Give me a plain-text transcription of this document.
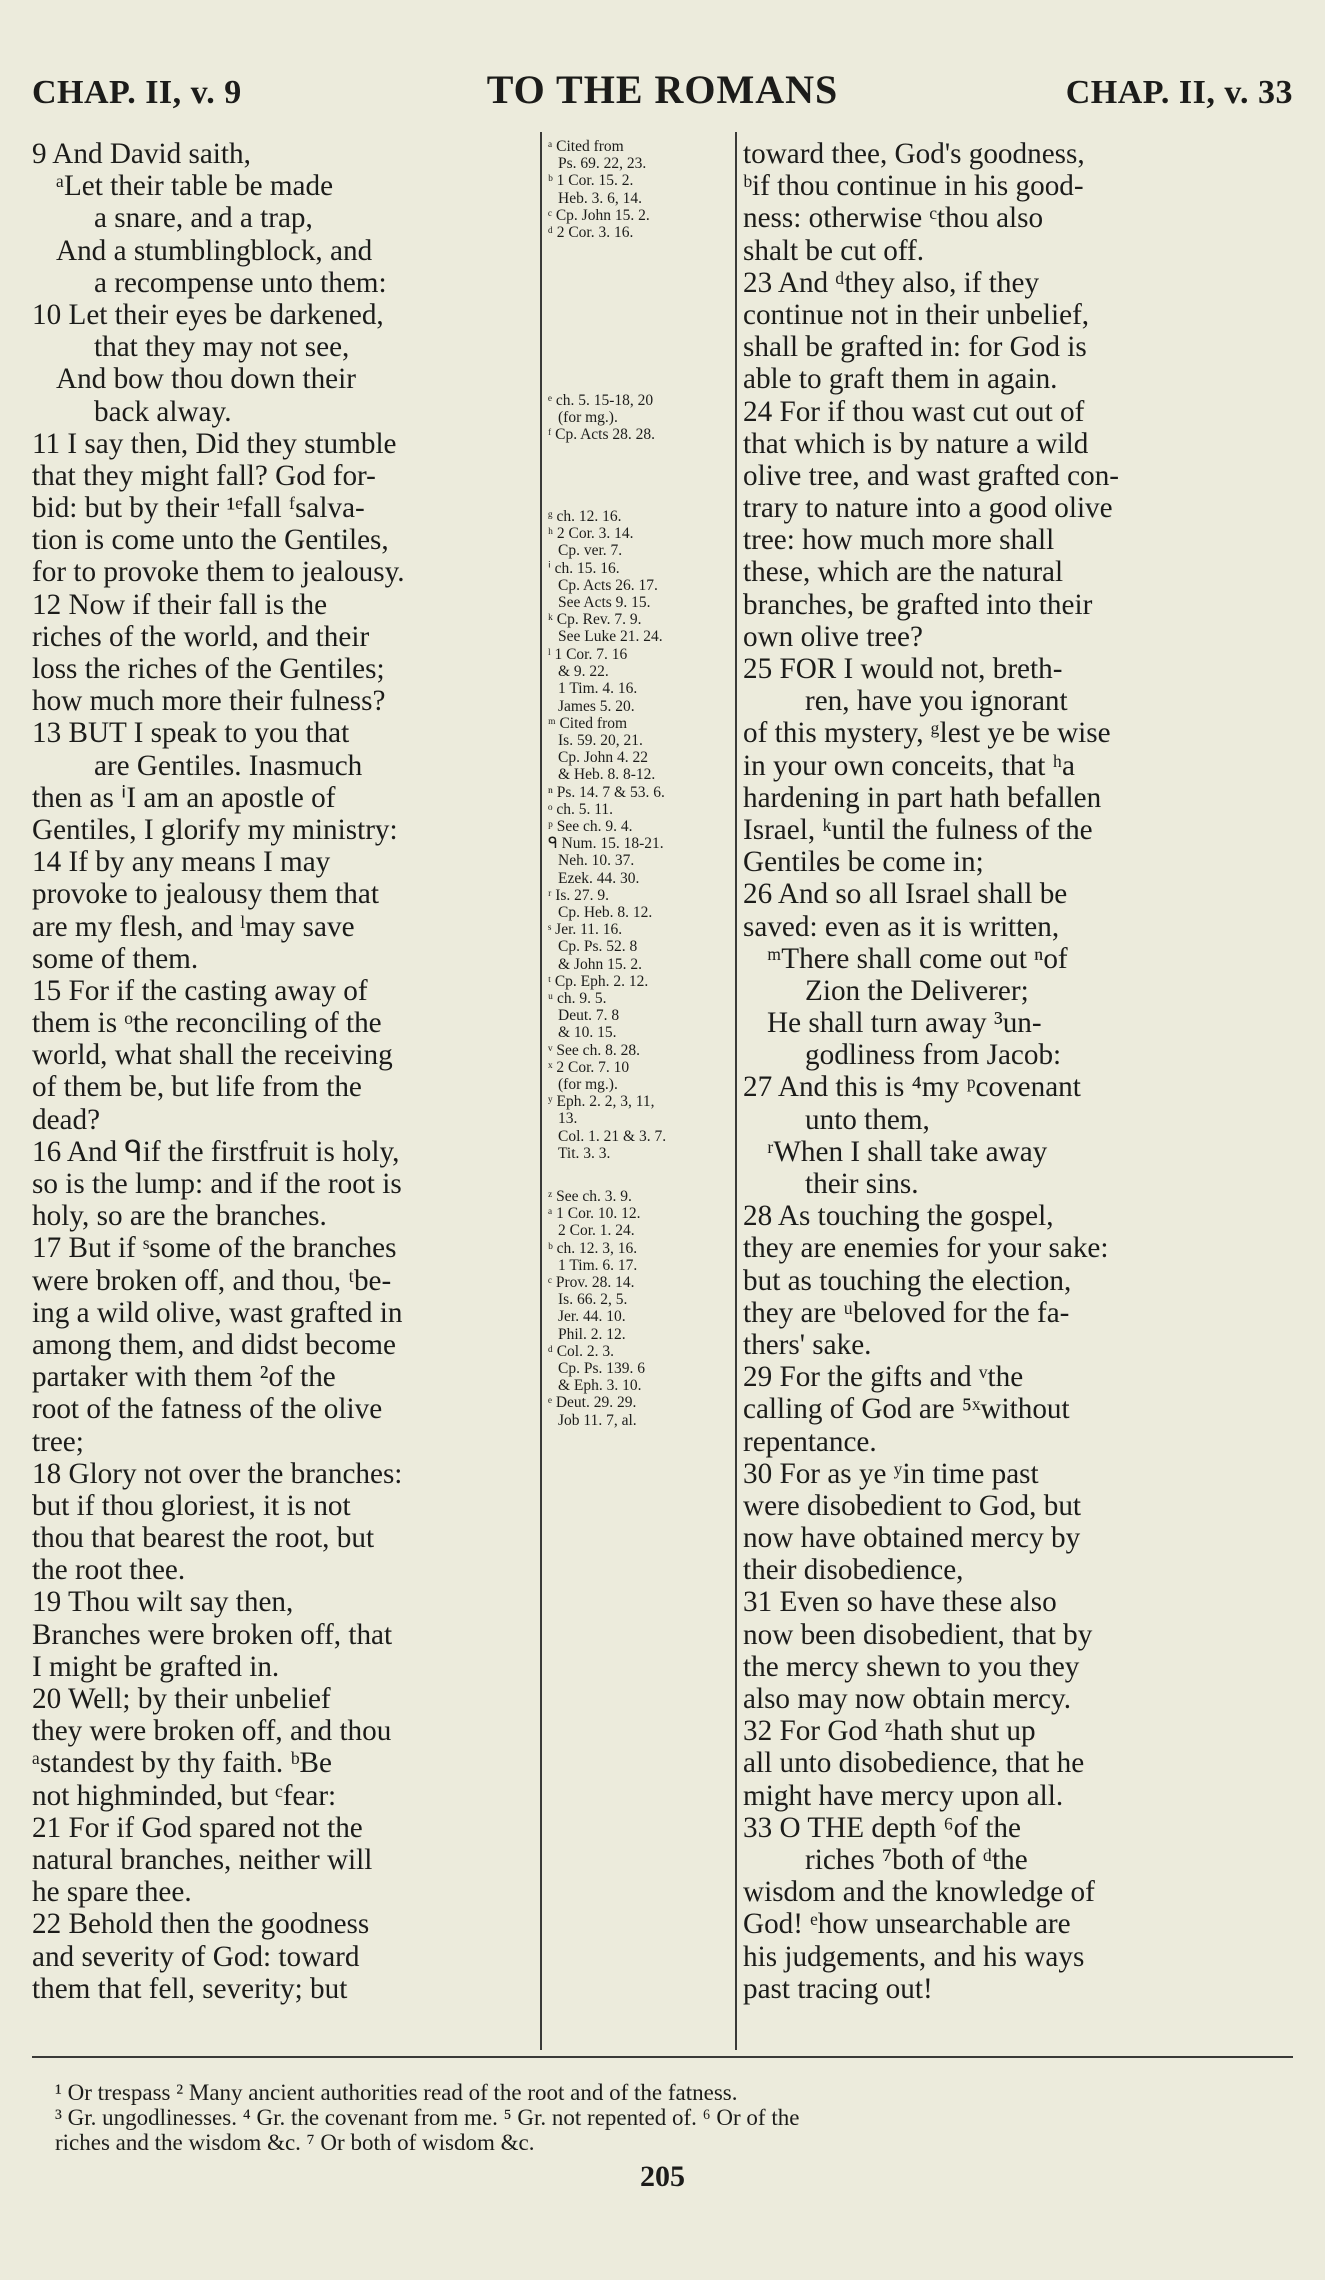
CHAP. II, v. 9	TO THE ROMANS	CHAP. II, v. 33
9 And David saith,
ᵃLet their table be made
a snare, and a trap,
And a stumblingblock, and
a recompense unto them:
10 Let their eyes be darkened,
that they may not see,
And bow thou down their
back alway.
11 I say then, Did they stumble
that they might fall? God for-
bid: but by their ¹ᵉfall ᶠsalva-
tion is come unto the Gentiles,
for to provoke them to jealousy.
12 Now if their fall is the
riches of the world, and their
loss the riches of the Gentiles;
how much more their fulness?
13 BUT I speak to you that
are Gentiles. Inasmuch
then as ⁱI am an apostle of
Gentiles, I glorify my ministry:
14 If by any means I may
provoke to jealousy them that
are my flesh, and ˡmay save
some of them.
15 For if the casting away of
them is ᵒthe reconciling of the
world, what shall the receiving
of them be, but life from the
dead?
16 And ᑫif the firstfruit is holy,
so is the lump: and if the root is
holy, so are the branches.
17 But if ˢsome of the branches
were broken off, and thou, ᵗbe-
ing a wild olive, wast grafted in
among them, and didst become
partaker with them ²of the
root of the fatness of the olive
tree;
18 Glory not over the branches:
but if thou gloriest, it is not
thou that bearest the root, but
the root thee.
19 Thou wilt say then,
Branches were broken off, that
I might be grafted in.
20 Well; by their unbelief
they were broken off, and thou
ᵃstandest by thy faith. ᵇBe
not highminded, but ᶜfear:
21 For if God spared not the
natural branches, neither will
he spare thee.
22 Behold then the goodness
and severity of God: toward
them that fell, severity; but
ᵃ Cited from
Ps. 69. 22, 23.
ᵇ 1 Cor. 15. 2.
Heb. 3. 6, 14.
ᶜ Cp. John 15. 2.
ᵈ 2 Cor. 3. 16.
ᵉ ch. 5. 15-18, 20
(for mg.).
ᶠ Cp. Acts 28. 28.
ᵍ ch. 12. 16.
ʰ 2 Cor. 3. 14.
Cp. ver. 7.
ⁱ ch. 15. 16.
Cp. Acts 26. 17.
See Acts 9. 15.
ᵏ Cp. Rev. 7. 9.
See Luke 21. 24.
ˡ 1 Cor. 7. 16
& 9. 22.
1 Tim. 4. 16.
James 5. 20.
ᵐ Cited from
Is. 59. 20, 21.
Cp. John 4. 22
& Heb. 8. 8-12.
ⁿ Ps. 14. 7 & 53. 6.
ᵒ ch. 5. 11.
ᵖ See ch. 9. 4.
ᑫ Num. 15. 18-21.
Neh. 10. 37.
Ezek. 44. 30.
ʳ Is. 27. 9.
Cp. Heb. 8. 12.
ˢ Jer. 11. 16.
Cp. Ps. 52. 8
& John 15. 2.
ᵗ Cp. Eph. 2. 12.
ᵘ ch. 9. 5.
Deut. 7. 8
& 10. 15.
ᵛ See ch. 8. 28.
ˣ 2 Cor. 7. 10
(for mg.).
ʸ Eph. 2. 2, 3, 11,
13.
Col. 1. 21 & 3. 7.
Tit. 3. 3.
ᶻ See ch. 3. 9.
ᵃ 1 Cor. 10. 12.
2 Cor. 1. 24.
ᵇ ch. 12. 3, 16.
1 Tim. 6. 17.
ᶜ Prov. 28. 14.
Is. 66. 2, 5.
Jer. 44. 10.
Phil. 2. 12.
ᵈ Col. 2. 3.
Cp. Ps. 139. 6
& Eph. 3. 10.
ᵉ Deut. 29. 29.
Job 11. 7, al.
toward thee, God's goodness,
ᵇif thou continue in his good-
ness: otherwise ᶜthou also
shalt be cut off.
23 And ᵈthey also, if they
continue not in their unbelief,
shall be grafted in: for God is
able to graft them in again.
24 For if thou wast cut out of
that which is by nature a wild
olive tree, and wast grafted con-
trary to nature into a good olive
tree: how much more shall
these, which are the natural
branches, be grafted into their
own olive tree?
25 FOR I would not, breth-
ren, have you ignorant
of this mystery, ᵍlest ye be wise
in your own conceits, that ʰa
hardening in part hath befallen
Israel, ᵏuntil the fulness of the
Gentiles be come in;
26 And so all Israel shall be
saved: even as it is written,
ᵐThere shall come out ⁿof
Zion the Deliverer;
He shall turn away ³un-
godliness from Jacob:
27 And this is ⁴my ᵖcovenant
unto them,
ʳWhen I shall take away
their sins.
28 As touching the gospel,
they are enemies for your sake:
but as touching the election,
they are ᵘbeloved for the fa-
thers' sake.
29 For the gifts and ᵛthe
calling of God are ⁵ˣwithout
repentance.
30 For as ye ʸin time past
were disobedient to God, but
now have obtained mercy by
their disobedience,
31 Even so have these also
now been disobedient, that by
the mercy shewn to you they
also may now obtain mercy.
32 For God ᶻhath shut up
all unto disobedience, that he
might have mercy upon all.
33 O THE depth ⁶of the
riches ⁷both of ᵈthe
wisdom and the knowledge of
God! ᵉhow unsearchable are
his judgements, and his ways
past tracing out!
¹ Or trespass ² Many ancient authorities read of the root and of the fatness.
³ Gr. ungodlinesses. ⁴ Gr. the covenant from me. ⁵ Gr. not repented of. ⁶ Or of the
riches and the wisdom &c. ⁷ Or both of wisdom &c.
205
